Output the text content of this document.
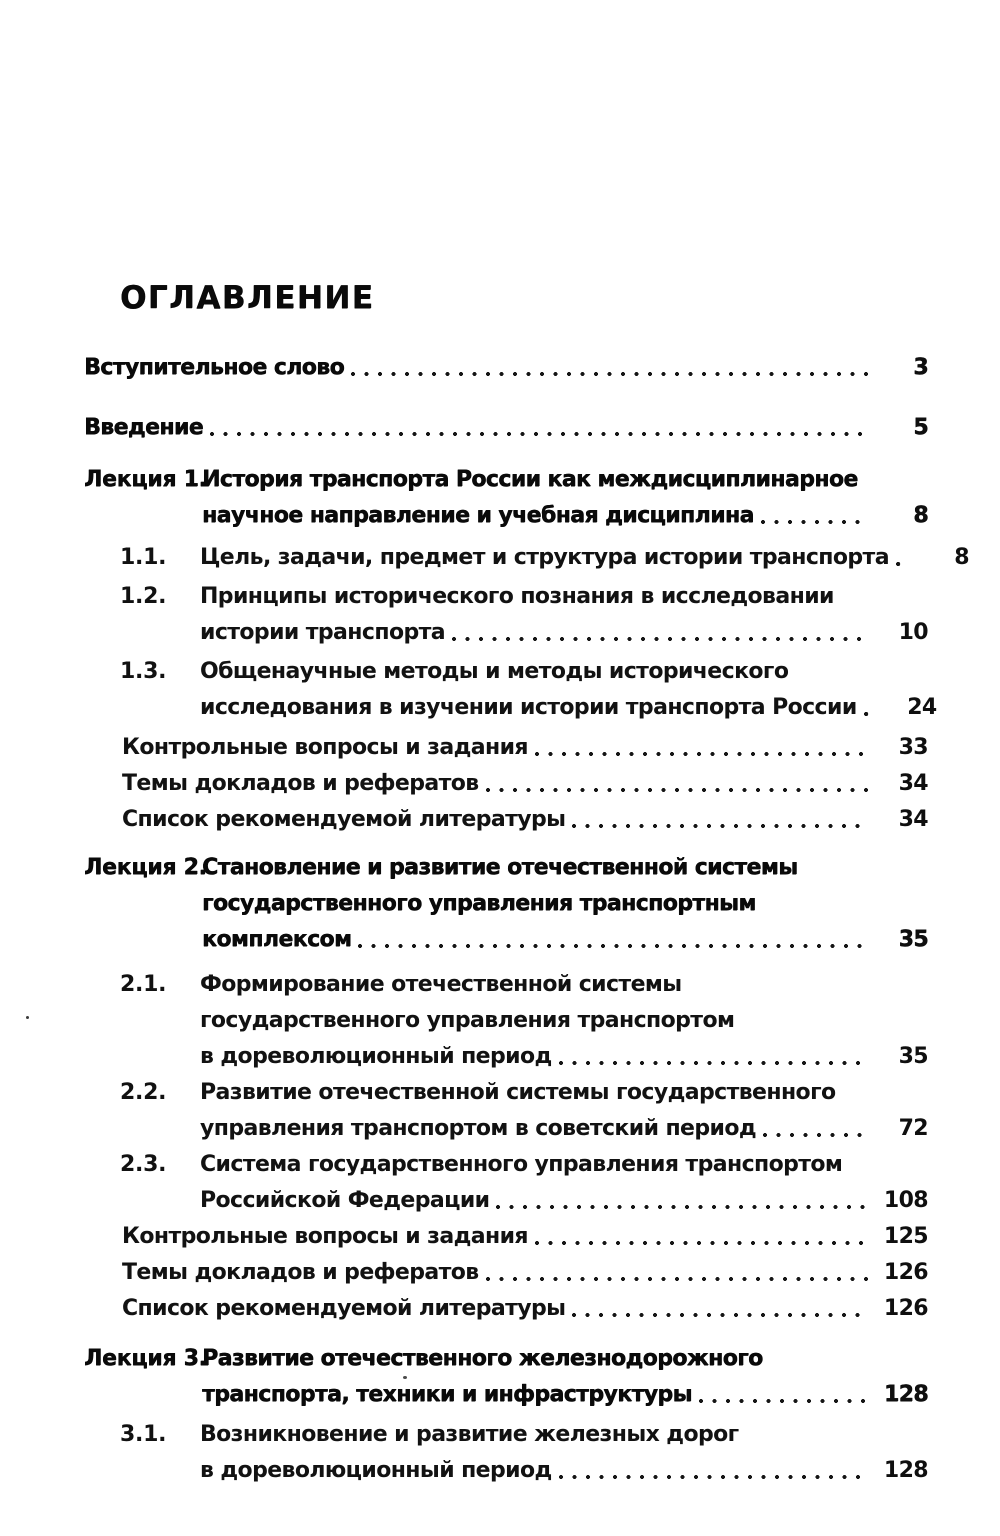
ОГЛАВЛЕНИЕ
Вступительное слово	3
Введение	5
Лекция 1.
История транспорта России как междисциплинарное
научное направление и учебная дисциплина	8
1.1.	Цель, задачи, предмет и структура истории транспорта	8
1.2.	Принципы исторического познания в исследовании
истории транспорта	10
1.3.	Общенаучные методы и методы исторического
исследования в изучении истории транспорта России	24
Контрольные вопросы и задания	33
Темы докладов и рефератов	34
Список рекомендуемой литературы	34
Лекция 2.
Становление и развитие отечественной системы
государственного управления транспортным
комплексом	35
2.1.	Формирование отечественной системы
государственного управления транспортом
в дореволюционный период	35
2.2.	Развитие отечественной системы государственного
управления транспортом в советский период	72
2.3.	Система государственного управления транспортом
Российской Федерации	108
Контрольные вопросы и задания	125
Темы докладов и рефератов	126
Список рекомендуемой литературы	126
Лекция 3.
Развитие отечественного железнодорожного
транспорта, техники и инфраструктуры	128
3.1.	Возникновение и развитие железных дорог
в дореволюционный период	128
